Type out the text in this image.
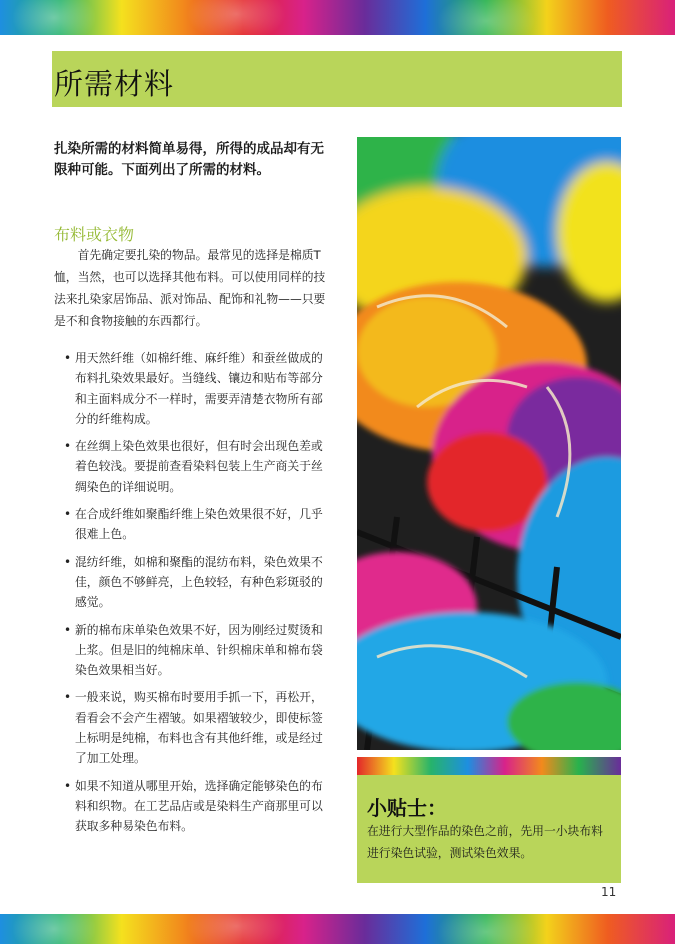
所需材料

扎染所需的材料简单易得，所得的成品却有无限种可能。下面列出了所需的材料。

布料或衣物

首先确定要扎染的物品。最常见的选择是棉质T恤，当然，也可以选择其他布料。可以使用同样的技法来扎染家居饰品、派对饰品、配饰和礼物——只要是不和食物接触的东西都行。

• 用天然纤维（如棉纤维、麻纤维）和蚕丝做成的布料扎染效果最好。当缝线、镶边和贴布等部分和主面料成分不一样时，需要弄清楚衣物所有部分的纤维构成。
• 在丝绸上染色效果也很好，但有时会出现色差或着色较浅。要提前查看染料包装上生产商关于丝绸染色的详细说明。
• 在合成纤维如聚酯纤维上染色效果很不好，几乎很难上色。
• 混纺纤维，如棉和聚酯的混纺布料，染色效果不佳，颜色不够鲜亮，上色较轻，有种色彩斑驳的感觉。
• 新的棉布床单染色效果不好，因为刚经过熨烫和上浆。但是旧的纯棉床单、针织棉床单和棉布袋染色效果相当好。
• 一般来说，购买棉布时要用手抓一下，再松开，看看会不会产生褶皱。如果褶皱较少，即使标签上标明是纯棉，布料也含有其他纤维，或是经过了加工处理。
• 如果不知道从哪里开始，选择确定能够染色的布料和织物。在工艺品店或是染料生产商那里可以获取多种易染色布料。
小贴士：

在进行大型作品的染色之前，先用一小块布料进行染色试验，测试染色效果。

11
